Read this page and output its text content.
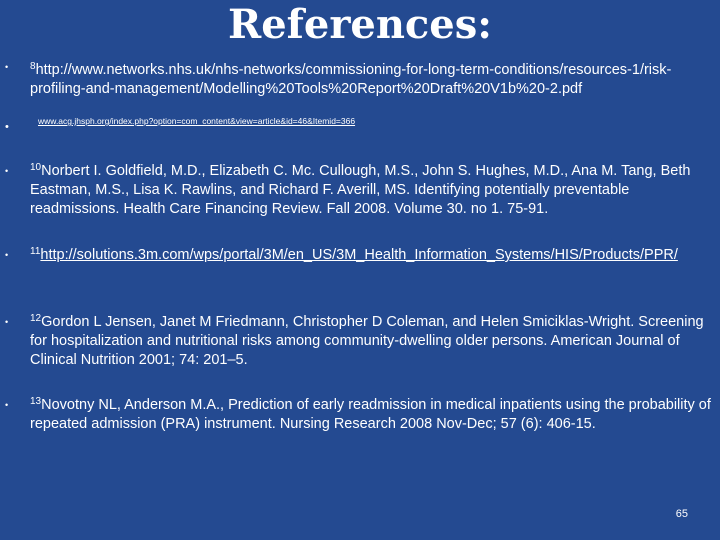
References:
• $^8$http://www.networks.nhs.uk/nhs-networks/commissioning-for-long-term-conditions/resources-1/risk-profiling-and-management/Modelling%20Tools%20Report%20Draft%20V1b%20-2.pdf

•	www.acg.jhsph.org/index.php?option=com_content&view=article&id=46&Itemid=366
• $^{10}$Norbert I. Goldfield, M.D., Elizabeth C. Mc. Cullough, M.S., John S. Hughes, M.D., Ana M. Tang, Beth Eastman, M.S., Lisa K. Rawlins, and Richard F. Averill, MS. Identifying potentially preventable readmissions. Health Care Financing Review. Fall 2008. Volume 30. no 1. 75-91.

• $^{11}$http://solutions.3m.com/wps/portal/3M/en_US/3M_Health_Information_Systems/HIS/Products/PPR/

• $^{12}$Gordon L Jensen, Janet M Friedmann, Christopher D Coleman, and Helen Smiciklas-Wright. Screening for hospitalization and nutritional risks among community-dwelling older persons. American Journal of Clinical Nutrition 2001; 74: 201–5.

• $^{13}$Novotny NL, Anderson M.A., Prediction of early readmission in medical inpatients using the probability of repeated admission (PRA) instrument. Nursing Research 2008 Nov-Dec; 57 (6): 406-15.

65
